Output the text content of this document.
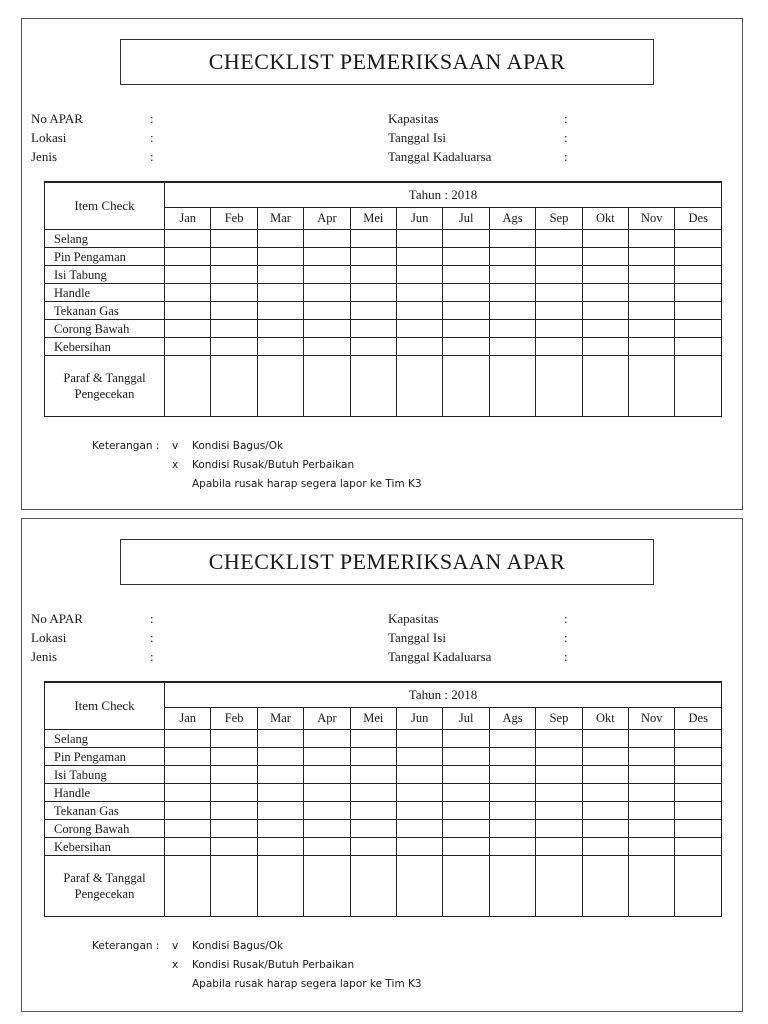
CHECKLIST PEMERIKSAAN APAR
No APAR	:
Lokasi	:
Jenis	:
Kapasitas	:
Tanggal Isi	:
Tanggal Kadaluarsa	:
Item Check	Tahun : 2018											
	Jan	Feb	Mar	Apr	Mei	Jun	Jul	Ags	Sep	Okt	Nov	Des
Selang												
Pin Pengaman												
Isi Tabung												
Handle												
Tekanan Gas												
Corong Bawah												
Kebersihan												

Paraf & Tanggal
Pengecekan												

Keterangan :	v	Kondisi Bagus/Ok
x	Kondisi Rusak/Butuh Perbaikan
Apabila rusak harap segera lapor ke Tim K3
CHECKLIST PEMERIKSAAN APAR
No APAR	:
Lokasi	:
Jenis	:
Kapasitas	:
Tanggal Isi	:
Tanggal Kadaluarsa	:
Item Check	Tahun : 2018											
	Jan	Feb	Mar	Apr	Mei	Jun	Jul	Ags	Sep	Okt	Nov	Des
Selang												
Pin Pengaman												
Isi Tabung												
Handle												
Tekanan Gas												
Corong Bawah												
Kebersihan												

Paraf & Tanggal
Pengecekan												

Keterangan :	v	Kondisi Bagus/Ok
x	Kondisi Rusak/Butuh Perbaikan
Apabila rusak harap segera lapor ke Tim K3
